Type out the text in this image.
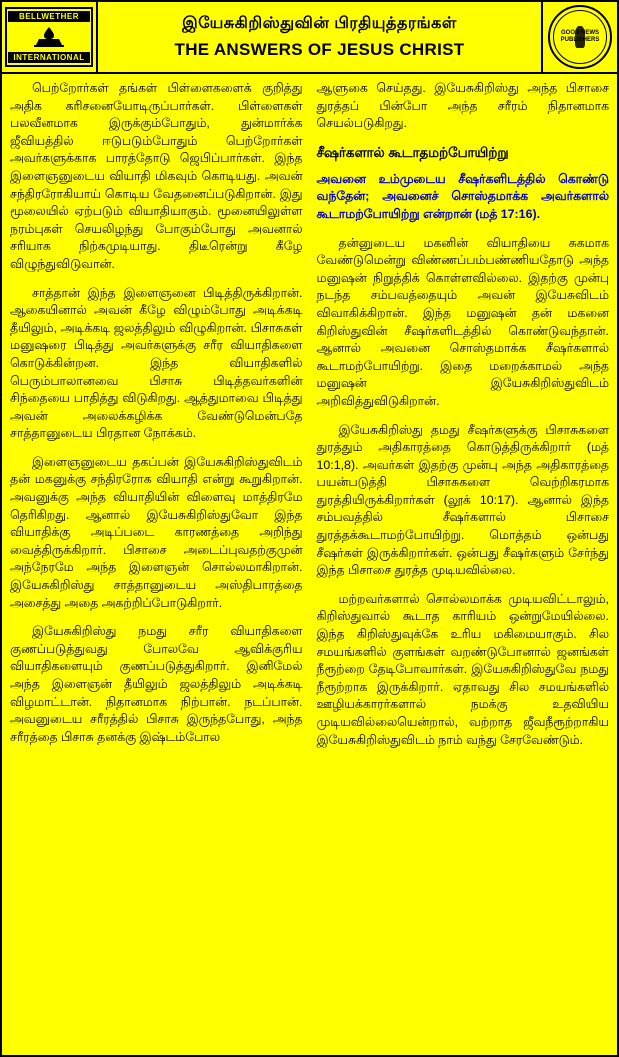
BELLWETHER
INTERNATIONAL
இயேசுகிறிஸ்துவின் பிரதியுத்தரங்கள்
THE ANSWERS OF JESUS CHRIST
GOOD NEWS PUBLISHERS

பெற்றோர்கள் தங்கள் பிள்ளைகளைக் குறித்து அதிக கரிசனையோடிருப்பார்கள். பிள்ளைகள் பலவீனமாக இருக்கும்போதும், துன்மார்க்க ஜீவியத்தில் ஈடுபடும்போதும் பெற்றோர்கள் அவர்களுக்காக பாரத்தோடு ஜெபிப்பார்கள். இந்த இளைஞனுடைய வியாதி மிகவும் கொடியது. அவன் சந்திரரோகியாய் கொடிய வேதனைப்படுகிறான். இது மூலையில் ஏற்படும் வியாதியாகும். மூனையிலுள்ள நரம்புகள் செயலிழந்து போகும்போது அவனால் சரியாக நிற்கமுடியாது. திடீரென்று கீழே விழுந்துவிடுவான்.

சாத்தான் இந்த இளைஞனை பிடித்திருக்கிறான். ஆகையினால் அவன் கீழே விழும்போது அடிக்கடி தீயிலும், அடிக்கடி ஜலத்திலும் விழுகிறான். பிசாசுகள் மனுஷரை பிடித்து அவர்களுக்கு சரீர வியாதிகளை கொடுக்கின்றன. இந்த வியாதிகளில் பெரும்பாலானவை பிசாசு பிடித்தவர்களின் சிந்தையை பாதித்து விடுகிறது. ஆத்துமாவை பிடித்து அவன் அலைக்கழிக்க வேண்டுமென்பதே சாத்தானுடைய பிரதான நோக்கம்.

இளைஞனுடைய தகப்பன் இயேசுகிறிஸ்துவிடம் தன் மகனுக்கு சந்திரரோக வியாதி என்று கூறுகிறான். அவனுக்கு அந்த வியாதியின் விளைவு மாத்திரமே தெரிகிறது. ஆனால் இயேசுகிறிஸ்துவோ இந்த வியாதிக்கு அடிப்படை காரணத்தை அறிந்து வைத்திருக்கிறார். பிசாசை அடைப்புவதற்குமுன் அந்நேரமே அந்த இளைஞன் சொல்லமாகிறான். இயேசுகிறிஸ்து சாத்தானுடைய அஸ்திபாரத்தை அசைத்து அதை அகற்றிப்போடுகிறார்.

இயேசுகிறிஸ்து நமது சரீர வியாதிகளை குணப்படுத்துவது போலவே ஆவிக்குரிய வியாதிகளையும் குணப்படுத்துகிறார். இனிமேல் அந்த இளைஞன் தீயிலும் ஜலத்திலும் அடிக்கடி விழமாட்டான். நிதானமாக நிற்பான். நடப்பான். அவனுடைய சரீரத்தில் பிசாசு இருந்தபோது, அந்த சரீரத்தை பிசாசு தனக்கு இஷ்டம்போல

ஆளுகை செய்தது. இயேசுகிறிஸ்து அந்த பிசாசை துரத்தப் பின்போ அந்த சரீரம் நிதானமாக செயல்படுகிறது.

சீஷர்களால் கூடாதமற்போயிற்று

அவனை உம்முடைய சீஷர்களிடத்தில் கொண்டு வந்தேன்; அவனைச் சொஸ்தமாக்க அவர்களால் கூடாமற்போயிற்று என்றான் (மத் 17:16).

தன்னுடைய மகனின் வியாதியை சுகமாக வேண்டுமென்று விண்ணப்பம்பண்ணியதோடு அந்த மனுஷன் நிறுத்திக் கொள்ளவில்லை. இதற்கு முன்பு நடந்த சம்பவத்தையும் அவன் இயேசுவிடம் விவாகிக்கிறான். இந்த மனுஷன் தன் மகனை கிறிஸ்துவின் சீஷர்களிடத்தில் கொண்டுவந்தான். ஆனால் அவனை சொஸ்தமாக்க சீஷர்களால் கூடாமற்போயிற்று. இதை மறைக்காமல் அந்த மனுஷன் இயேசுகிறிஸ்துவிடம் அறிவித்துவிடுகிறான்.

இயேசுகிறிஸ்து தமது சீஷர்களுக்கு பிசாசுகளை துரத்தும் அதிகாரத்தை கொடுத்திருக்கிறார் (மத் 10:1,8). அவர்கள் இதற்கு முன்பு அந்த அதிகாரத்தை பயன்படுத்தி பிசாசுகளை வெற்றிகரமாக துரத்தியிருக்கிறார்கள் (லூக் 10:17). ஆனால் இந்த சம்பவத்தில் சீஷர்களால் பிசாசை துரத்தக்கூடாமற்போயிற்று. மொத்தம் ஒன்பது சீஷர்கள் இருக்கிறார்கள். ஒன்பது சீஷர்களும் சேர்ந்து இந்த பிசாசை துரத்த முடியவில்லை.

மற்றவர்களால் சொல்லமாக்க முடியவிட்டாலும், கிறிஸ்துவால் கூடாத காரியம் ஒன்றுமேயில்லை. இந்த கிறிஸ்துவுக்கே உரிய மகிமையாகும். சில சமயங்களில் குளங்கள் வறண்டுபோனால் ஜனங்கள் நீரூற்றை தேடிபோவார்கள். இயேசுகிறிஸ்துவே நமது நீரூற்றாக இருக்கிறார். ஏதாவது சில சமயங்களில் ஊழியக்காரர்களால் நமக்கு உதவியிய முடியவில்லையென்றால், வற்றாத ஜீவநீரூற்றாகிய இயேசுகிறிஸ்துவிடம் நாம் வந்து சேரவேண்டும்.
